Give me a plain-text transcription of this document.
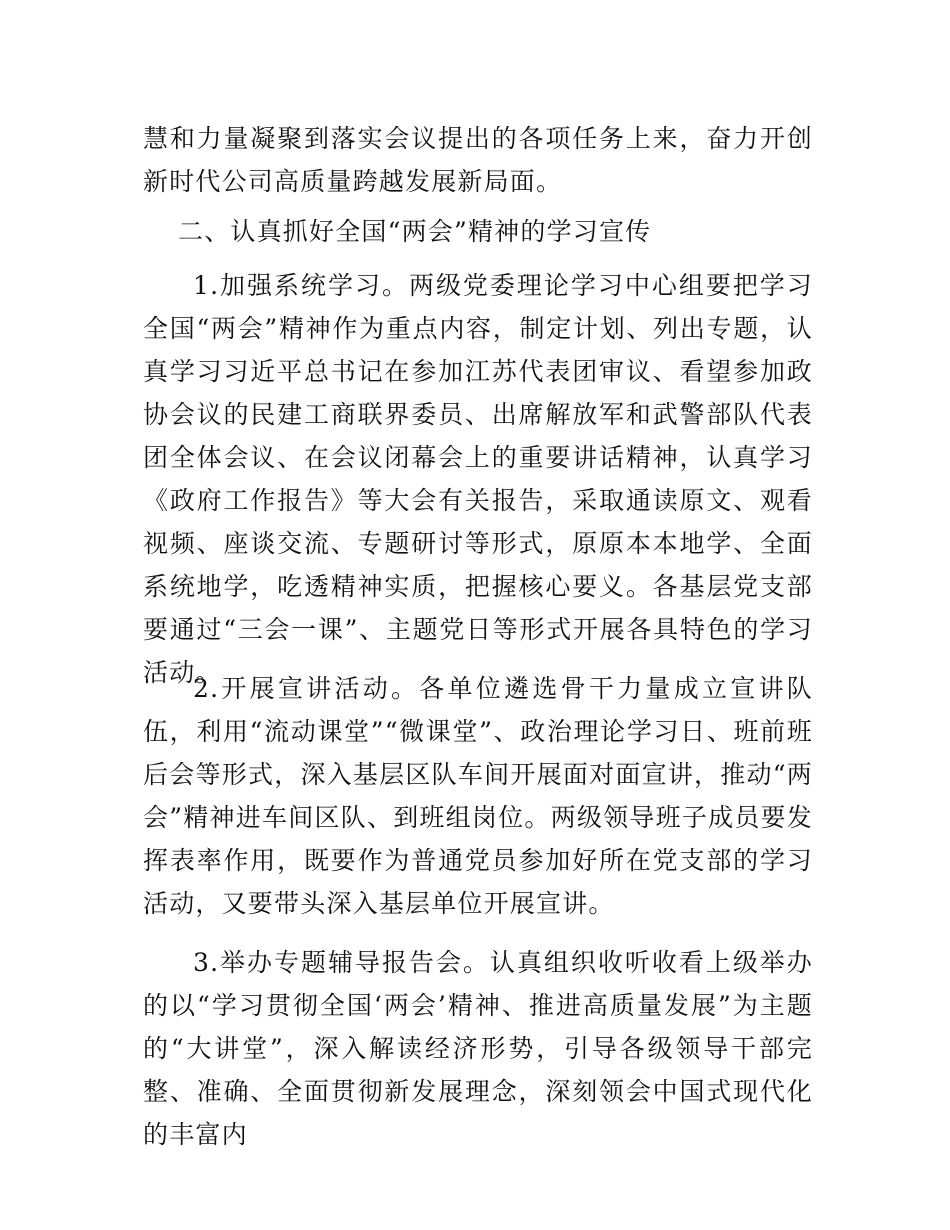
慧和力量凝聚到落实会议提出的各项任务上来，奋力开创新时代公司高质量跨越发展新局面。

二、认真抓好全国“两会”精神的学习宣传

1.加强系统学习。两级党委理论学习中心组要把学习全国“两会”精神作为重点内容，制定计划、列出专题，认真学习习近平总书记在参加江苏代表团审议、看望参加政协会议的民建工商联界委员、出席解放军和武警部队代表团全体会议、在会议闭幕会上的重要讲话精神，认真学习《政府工作报告》等大会有关报告，采取通读原文、观看视频、座谈交流、专题研讨等形式，原原本本地学、全面系统地学，吃透精神实质，把握核心要义。各基层党支部要通过“三会一课”、主题党日等形式开展各具特色的学习活动。

2.开展宣讲活动。各单位遴选骨干力量成立宣讲队伍，利用“流动课堂”“微课堂”、政治理论学习日、班前班后会等形式，深入基层区队车间开展面对面宣讲，推动“两会”精神进车间区队、到班组岗位。两级领导班子成员要发挥表率作用，既要作为普通党员参加好所在党支部的学习活动，又要带头深入基层单位开展宣讲。

3.举办专题辅导报告会。认真组织收听收看上级举办的以“学习贯彻全国‘两会’精神、推进高质量发展”为主题的“大讲堂”，深入解读经济形势，引导各级领导干部完整、准确、全面贯彻新发展理念，深刻领会中国式现代化的丰富内
